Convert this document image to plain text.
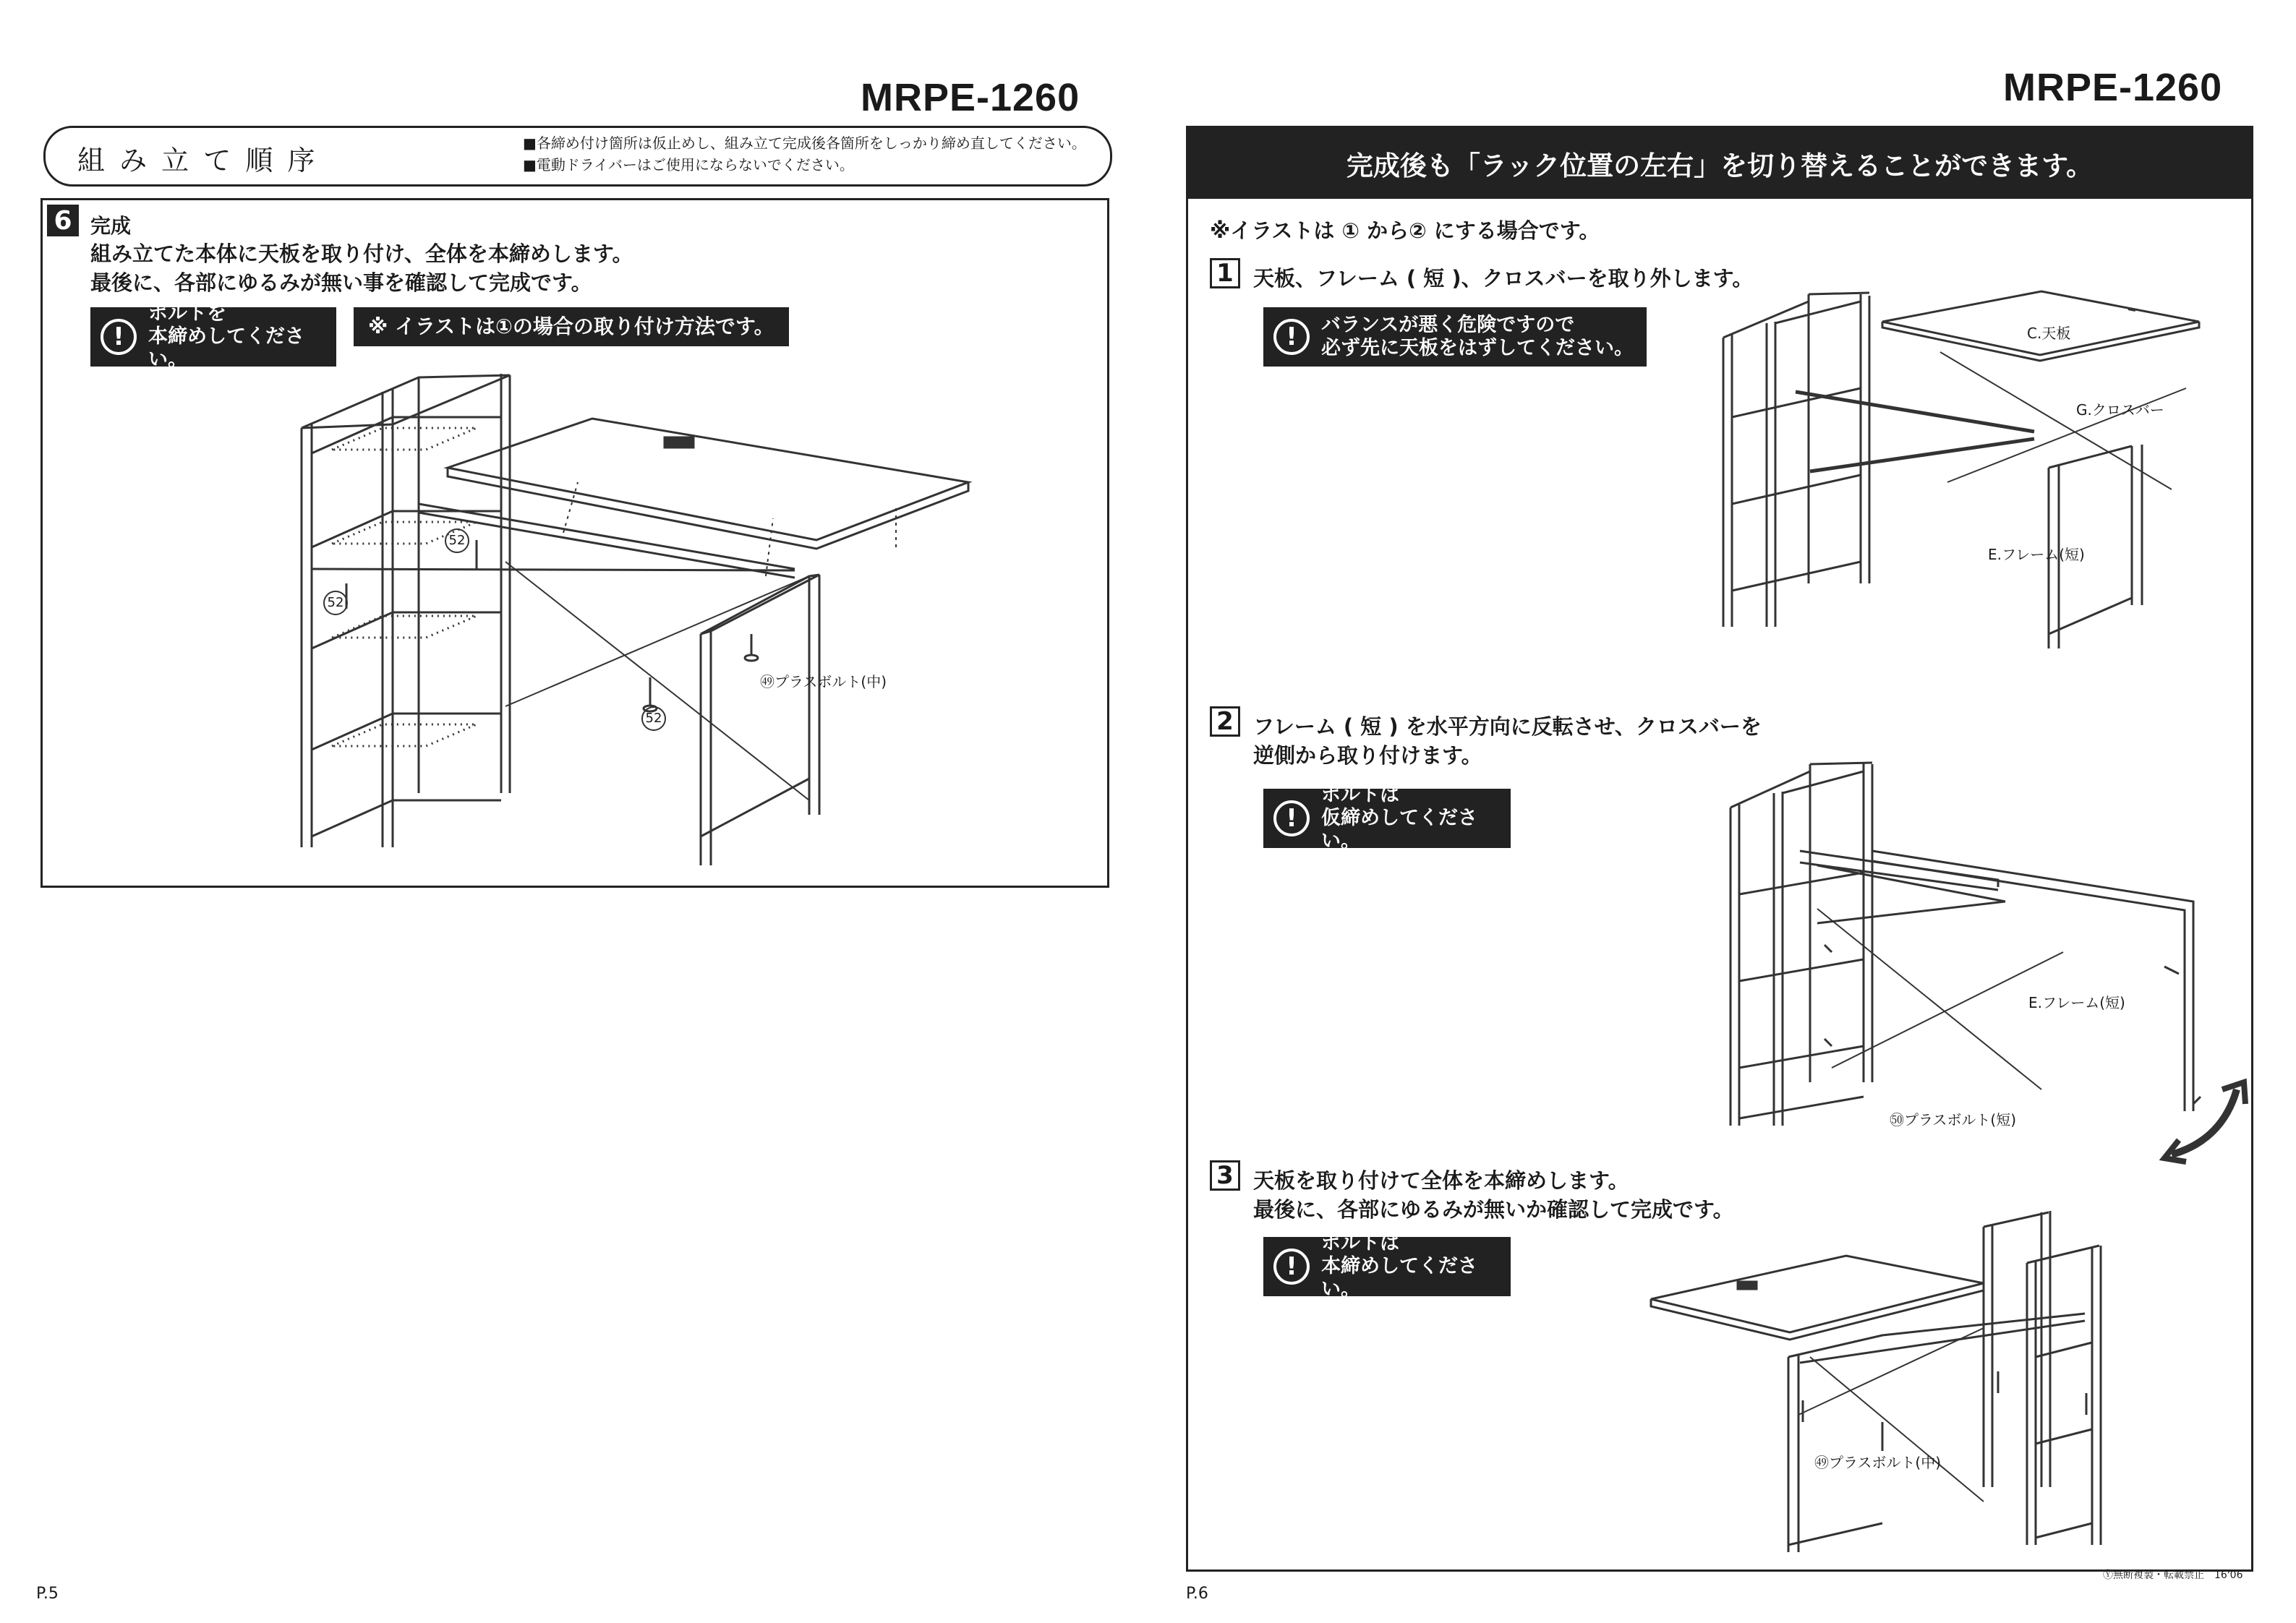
MRPE-1260
組 み 立 て 順 序
■各締め付け箇所は仮止めし、組み立て完成後各箇所をしっかり締め直してください。
■電動ドライバーはご使用にならないでください。
6 完成
組み立てた本体に天板を取り付け、全体を本締めします。
最後に、各部にゆるみが無い事を確認して完成です。
!
ボルトを
本締めしてください。
※ イラストは①の場合の取り付け方法です。
52
52
52
㊾プラスボルト(中)
P.5
MRPE-1260
完成後も「ラック位置の左右」を切り替えることができます。
※イラストは ① から② にする場合です。
1 天板、フレーム ( 短 )、クロスバーを取り外します。
!	バランスが悪く危険ですので
必ず先に天板をはずしてください。
C.天板
G.クロスバー
E.フレーム(短)
2 フレーム ( 短 ) を水平方向に反転させ、クロスバーを
逆側から取り付けます。
!
ボルトは
仮締めしてください。
E.フレーム(短)
㊿プラスボルト(短)
3 天板を取り付けて全体を本締めします。
最後に、各部にゆるみが無いか確認して完成です。
!
ボルトは
本締めしてください。
㊾プラスボルト(中)
Ⓨ無断複製・転載禁止　16'06
P.6
